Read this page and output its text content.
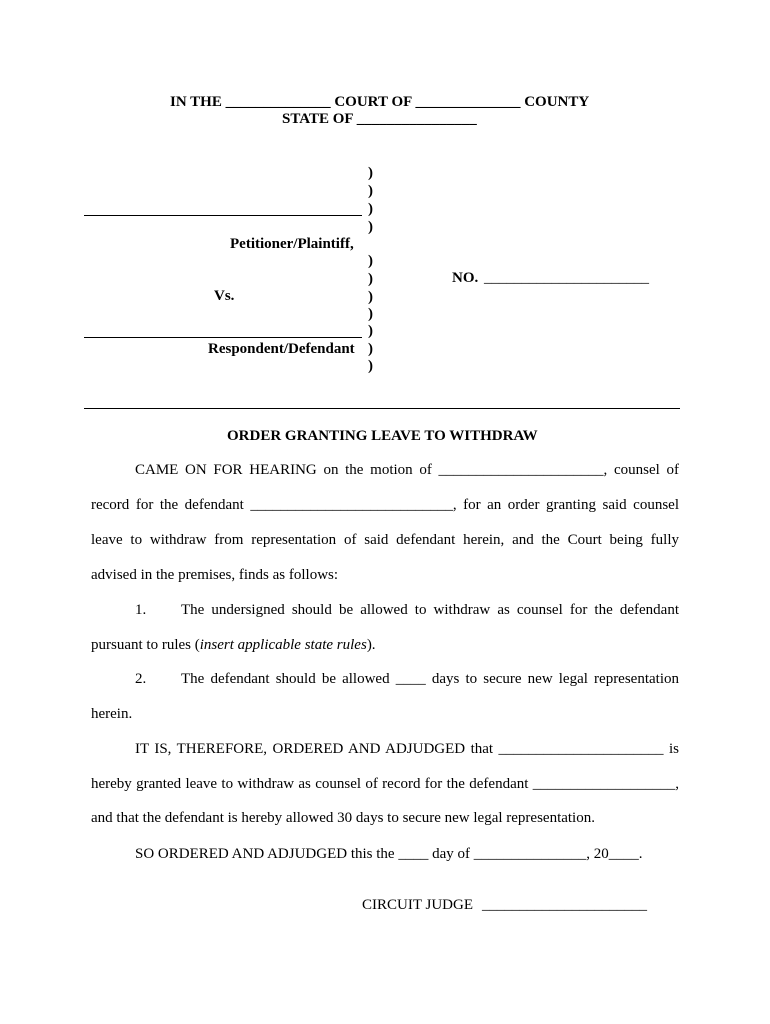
IN THE ______________ COURT OF ______________ COUNTY
STATE OF ________________
)
)
)
)
)
)
)
)
)
)
)
Petitioner/Plaintiff,
Vs.
Respondent/Defendant
NO. ______________________
ORDER GRANTING LEAVE TO WITHDRAW
CAME ON FOR HEARING on the motion of ______________________, counsel of
record for the defendant ___________________________, for an order granting said counsel
leave to withdraw from representation of said defendant herein, and the Court being fully
advised in the premises, finds as follows:
1. The undersigned should be allowed to withdraw as counsel for the defendant
pursuant to rules (insert applicable state rules).
2. The defendant should be allowed ____ days to secure new legal representation
herein.
IT IS, THEREFORE, ORDERED AND ADJUDGED that ______________________ is
hereby granted leave to withdraw as counsel of record for the defendant ___________________,
and that the defendant is hereby allowed 30 days to secure new legal representation.
SO ORDERED AND ADJUDGED this the ____ day of _______________, 20____.
CIRCUIT JUDGE ______________________
